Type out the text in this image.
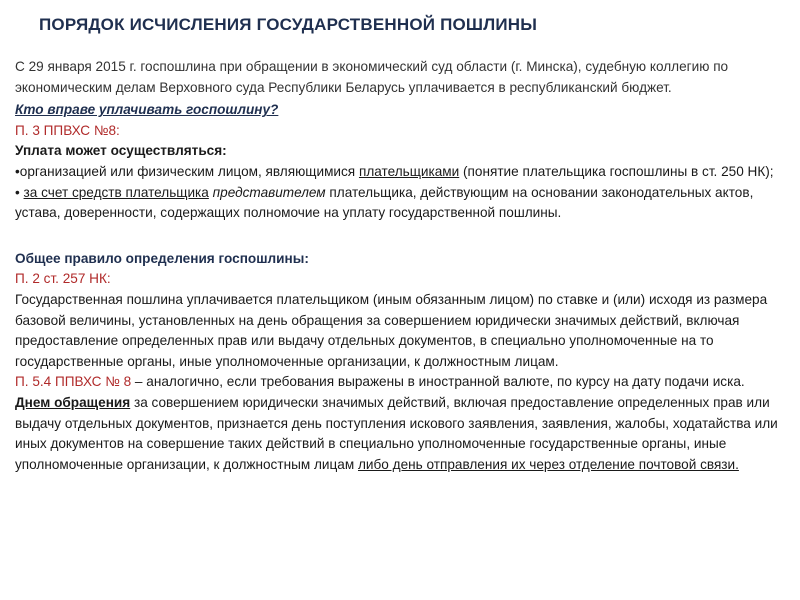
ПОРЯДОК ИСЧИСЛЕНИЯ ГОСУДАРСТВЕННОЙ ПОШЛИНЫ

С 29 января 2015 г. госпошлина при обращении в экономический суд области (г. Минска), судебную коллегию по экономическим делам Верховного суда Республики Беларусь уплачивается в республиканский бюджет.

Кто вправе уплачивать госпошлину?

П. 3 ППВХС №8:

Уплата может осуществляться:

•организацией или физическим лицом, являющимися плательщиками (понятие плательщика госпошлины в ст. 250 НК);

• за счет средств плательщика представителем плательщика, действующим на основании законодательных актов, устава, доверенности, содержащих полномочие на уплату государственной пошлины.

Общее правило определения госпошлины:

П. 2 ст. 257 НК:

Государственная пошлина уплачивается плательщиком (иным обязанным лицом) по ставке и (или) исходя из размера базовой величины, установленных на день обращения за совершением юридически значимых действий, включая предоставление определенных прав или выдачу отдельных документов, в специально уполномоченные на то государственные органы, иные уполномоченные организации, к должностным лицам.

П. 5.4 ППВХС № 8 – аналогично, если требования выражены в иностранной валюте, по курсу на дату подачи иска.

Днем обращения за совершением юридически значимых действий, включая предоставление определенных прав или выдачу отдельных документов, признается день поступления искового заявления, заявления, жалобы, ходатайства или иных документов на совершение таких действий в специально уполномоченные государственные органы, иные уполномоченные организации, к должностным лицам либо день отправления их через отделение почтовой связи.
